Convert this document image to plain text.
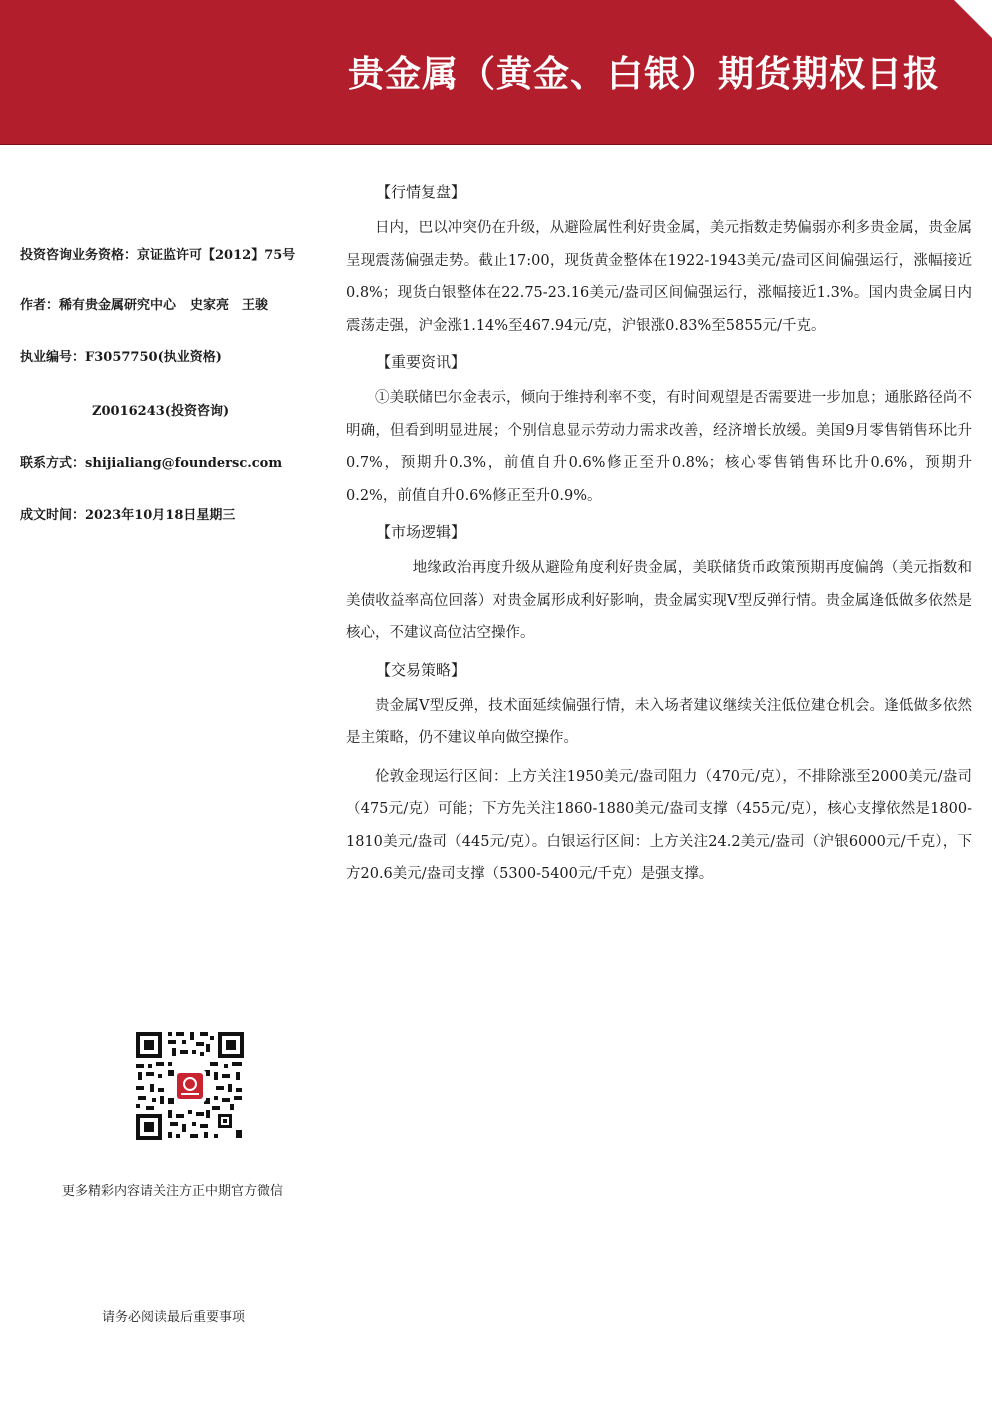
贵金属（黄金、白银）期货期权日报
投资咨询业务资格：京证监许可【2012】75号
作者：稀有贵金属研究中心 史家亮　王骏
执业编号：F3057750(执业资格)
Z0016243(投资咨询)
联系方式：shijialiang@foundersc.com
成文时间：2023年10月18日星期三
更多精彩内容请关注方正中期官方微信
请务必阅读最后重要事项
【行情复盘】

日内，巴以冲突仍在升级，从避险属性利好贵金属，美元指数走势偏弱亦利多贵金属，贵金属呈现震荡偏强走势。截止17:00，现货黄金整体在1922-1943美元/盎司区间偏强运行，涨幅接近0.8%；现货白银整体在22.75-23.16美元/盎司区间偏强运行，涨幅接近1.3%。国内贵金属日内震荡走强，沪金涨1.14%至467.94元/克，沪银涨0.83%至5855元/千克。

【重要资讯】

①美联储巴尔金表示，倾向于维持利率不变，有时间观望是否需要进一步加息；通胀路径尚不明确，但看到明显进展；个别信息显示劳动力需求改善，经济增长放缓。美国9月零售销售环比升0.7%，预期升0.3%，前值自升0.6%修正至升0.8%；核心零售销售环比升0.6%，预期升0.2%，前值自升0.6%修正至升0.9%。

【市场逻辑】

地缘政治再度升级从避险角度利好贵金属，美联储货币政策预期再度偏鸽（美元指数和美债收益率高位回落）对贵金属形成利好影响，贵金属实现V型反弹行情。贵金属逢低做多依然是核心，不建议高位沽空操作。

【交易策略】

贵金属V型反弹，技术面延续偏强行情，未入场者建议继续关注低位建仓机会。逢低做多依然是主策略，仍不建议单向做空操作。

伦敦金现运行区间：上方关注1950美元/盎司阻力（470元/克），不排除涨至2000美元/盎司（475元/克）可能；下方先关注1860-1880美元/盎司支撑（455元/克），核心支撑依然是1800-1810美元/盎司（445元/克）。白银运行区间：上方关注24.2美元/盎司（沪银6000元/千克），下方20.6美元/盎司支撑（5300-5400元/千克）是强支撑。
